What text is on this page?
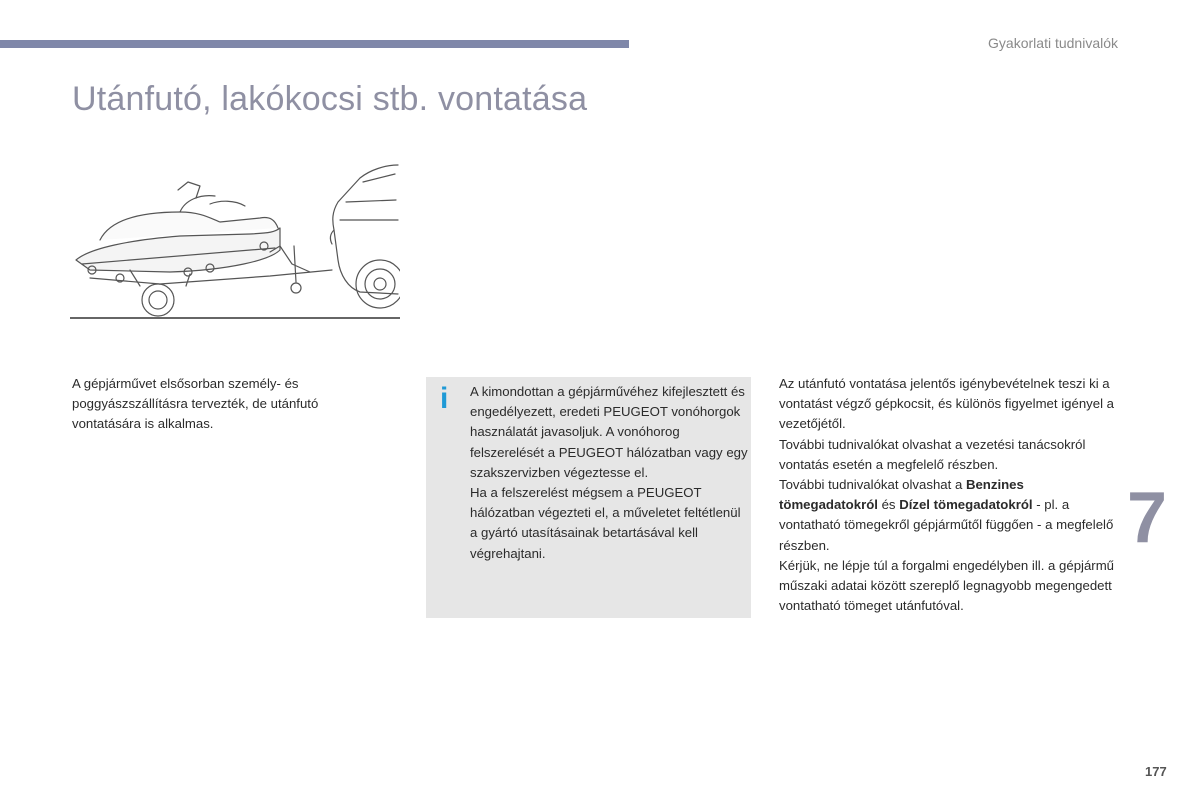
Gyakorlati tudnivalók
Utánfutó, lakókocsi stb. vontatása
A gépjárművet elsősorban személy- és poggyászszállításra tervezték, de utánfutó vontatására is alkalmas.
i A kimondottan a gépjárművéhez kifejlesztett és engedélyezett, eredeti PEUGEOT vonóhorgok használatát javasoljuk. A vonóhorog felszerelését a PEUGEOT hálózatban vagy egy szakszervizben végeztesse el.

Ha a felszerelést mégsem a PEUGEOT hálózatban végezteti el, a műveletet feltétlenül a gyártó utasításainak betartásával kell végrehajtani.

Az utánfutó vontatása jelentős igénybevételnek teszi ki a vontatást végző gépkocsit, és különös figyelmet igényel a vezetőjétől.

További tudnivalókat olvashat a vezetési tanácsokról vontatás esetén a megfelelő részben.

További tudnivalókat olvashat a Benzines tömegadatokról és Dízel tömegadatokról - pl. a vontatható tömegekről gépjárműtől függően - a megfelelő részben.

Kérjük, ne lépje túl a forgalmi engedélyben ill. a gépjármű műszaki adatai között szereplő legnagyobb megengedett vontatható tömeget utánfutóval.

7
177
